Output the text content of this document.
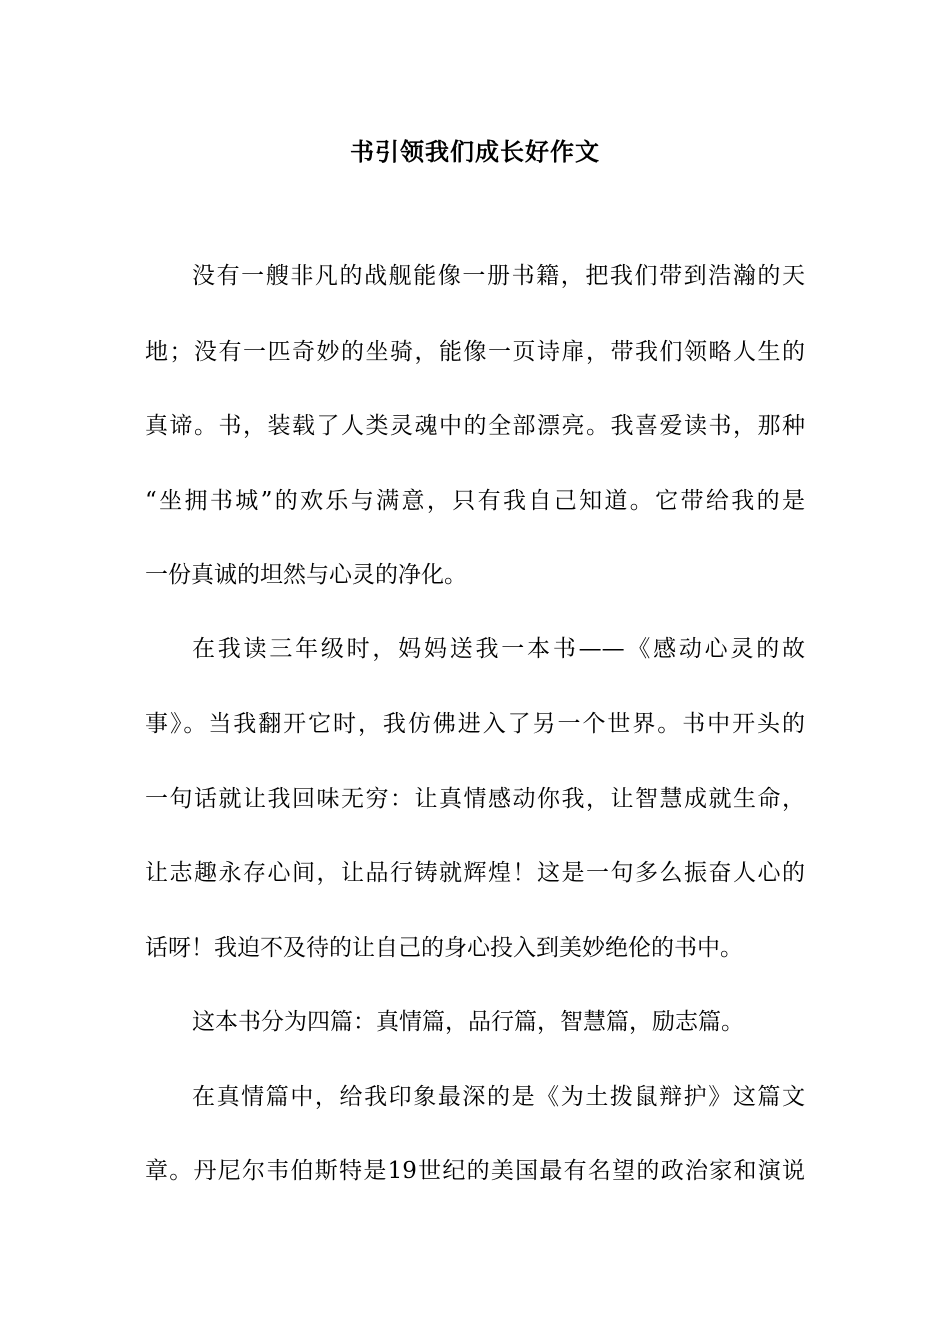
书引领我们成长好作文
没有一艘非凡的战舰能像一册书籍，把我们带到浩瀚的天
地；没有一匹奇妙的坐骑，能像一页诗扉，带我们领略人生的
真谛。书，装载了人类灵魂中的全部漂亮。我喜爱读书，那种
“坐拥书城”的欢乐与满意，只有我自己知道。它带给我的是
一份真诚的坦然与心灵的净化。
在我读三年级时，妈妈送我一本书——《感动心灵的故
事》。当我翻开它时，我仿佛进入了另一个世界。书中开头的
一句话就让我回味无穷：让真情感动你我，让智慧成就生命，
让志趣永存心间，让品行铸就辉煌！这是一句多么振奋人心的
话呀！我迫不及待的让自己的身心投入到美妙绝伦的书中。
这本书分为四篇：真情篇，品行篇，智慧篇，励志篇。
在真情篇中，给我印象最深的是《为土拨鼠辩护》这篇文
章。丹尼尔韦伯斯特是19世纪的美国最有名望的政治家和演说
